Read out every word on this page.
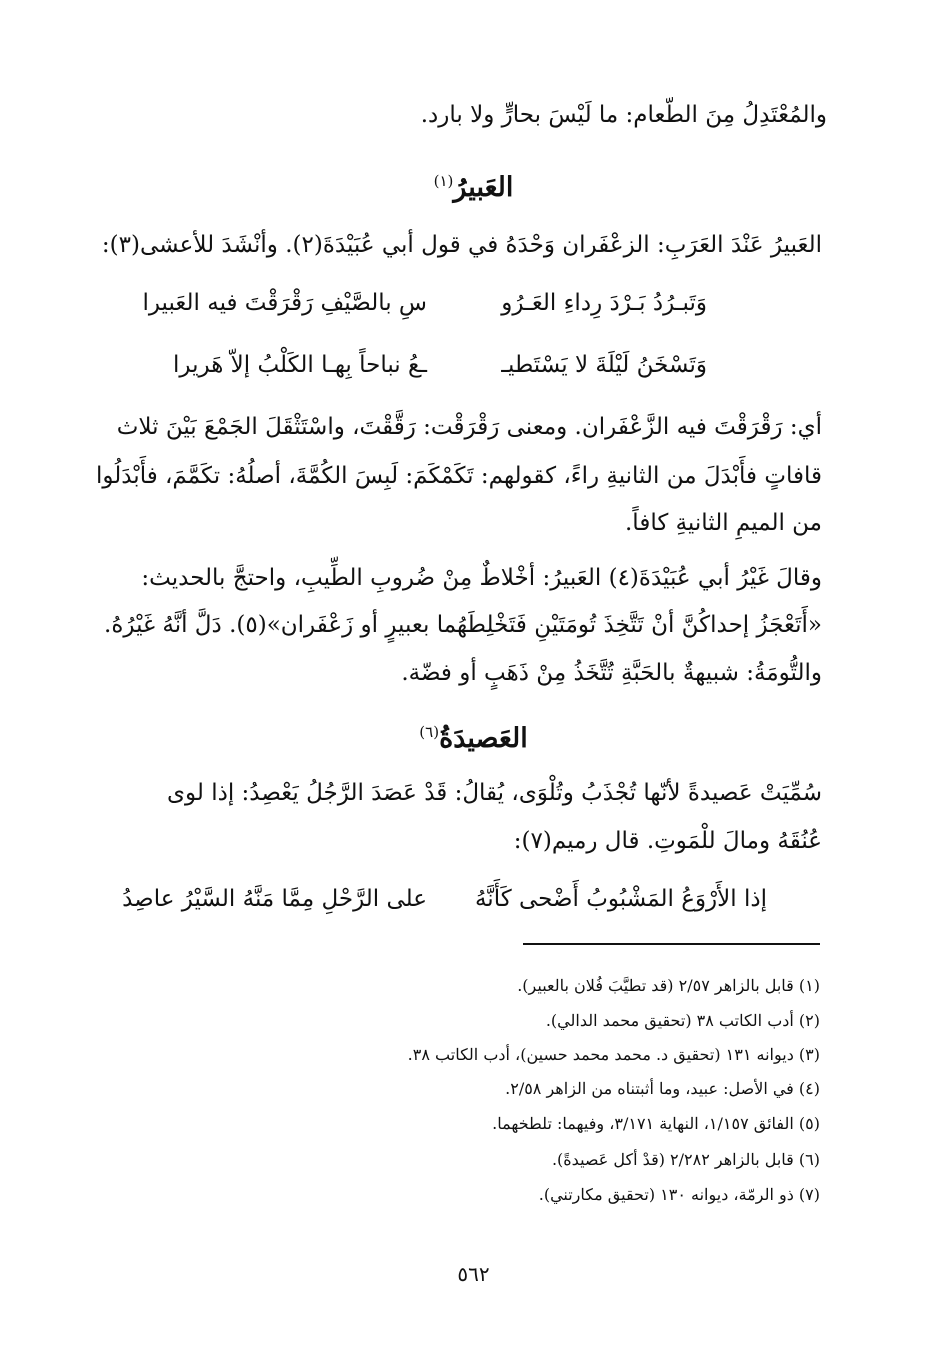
والمُعْتَدِلُ مِنَ الطّعام: ما لَيْسَ بحارٍّ ولا بارد.
العَبيرُ$^{(١)}$
العَبيرُ عَنْدَ العَرَبِ: الزعْفَران وَحْدَهُ في قول أبي عُبَيْدَةَ(٢). وأنْشَدَ للأعشى(٣):
وَتَبـرُدُ بَـرْدَ رِداءِ العَـرُو
سِ بالصَّيْفِ رَقْرَقْتَ فيه العَبيرا
وَتَسْخَنُ لَيْلَةَ لا يَسْتَطيـ
ـعُ نباحاً بِهـا الكَلْبُ إلاّ هَريرا
أي: رَقْرَقْتَ فيه الزَّعْفَران. ومعنى رَقْرَقْت: رَقَّقْتَ، واسْتَثْقَلَ الجَمْعَ بَيْنَ ثلاث
قافاتٍ فأَبْدَلَ من الثانيةِ راءً، كقولهم: تَكَمْكَمَ: لَبِسَ الكُمَّةَ، أصلُهُ: تكَمَّمَ، فأَبْدَلُوا
من الميمِ الثانيةِ كافاً.
وقالَ غَيْرُ أبي عُبَيْدَةَ(٤) العَبيرُ: أخْلاطٌ مِنْ ضُروبِ الطِّيبِ، واحتجَّ بالحديث:
«أَتَعْجَزُ إحداكُنَّ أنْ تَتَّخِذَ تُومَتَيْنِ فَتَخْلِطَهُما بعبيرٍ أو زَعْفَران»(٥). دَلَّ أنَّهُ غَيْرُهُ.
والتُّومَةُ: شبيهةٌ بالحَبَّةِ تُتَّخَذُ مِنْ ذَهَبٍ أو فضّة.
العَصيدَةُ$^{(٦)}$
سُمِّيَتْ عَصيدةً لأنّها تُجْذَبُ وتُلْوَى، يُقالُ: قَدْ عَصَدَ الرَّجُلُ يَعْصِدُ: إذا لوى
عُنُقَهُ ومالَ للْمَوتِ. قال رميم(٧):
إذا الأَرْوَعُ المَشْبُوبُ أَضْحى كَأَنَّهُ
على الرَّحْلِ مِمَّا مَنَّهُ السَّيْرُ عاصِدُ
(١) قابل بالزاهر ٢/٥٧ (قد تطيَّبَ فُلان بالعبير).
(٢) أدب الكاتب ٣٨ (تحقيق محمد الدالي).
(٣) ديوانه ١٣١ (تحقيق د. محمد محمد حسين)، أدب الكاتب ٣٨.
(٤) في الأصل: عبيد، وما أثبتناه من الزاهر ٢/٥٨.
(٥) الفائق ١/١٥٧، النهاية ٣/١٧١، وفيهما: تلطخهما.
(٦) قابل بالزاهر ٢/٢٨٢ (قدْ أكل عَصيدةً).
(٧) ذو الرمّة، ديوانه ١٣٠ (تحقيق مكارتني).
٥٦٢
